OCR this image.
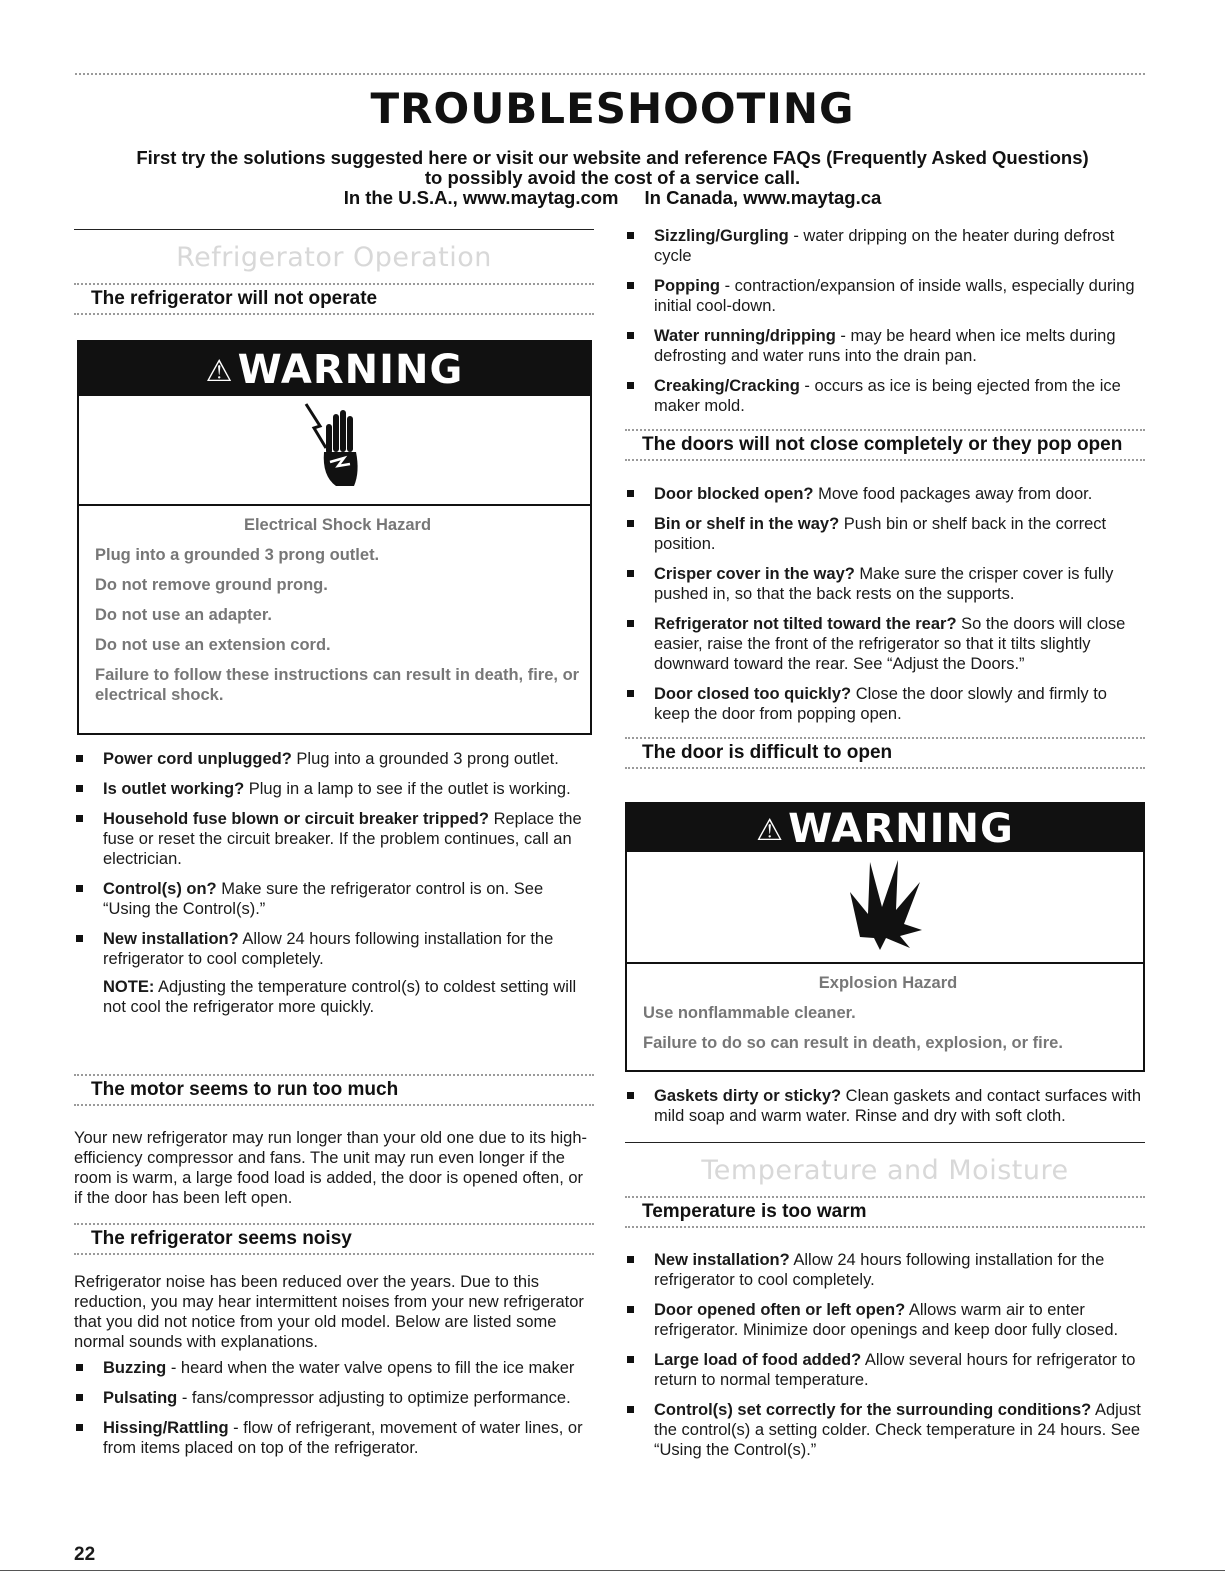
TROUBLESHOOTING
First try the solutions suggested here or visit our website and reference FAQs (Frequently Asked Questions)
to possibly avoid the cost of a service call.
In the U.S.A., www.maytag.com In Canada, www.maytag.ca
Refrigerator Operation
The refrigerator will not operate
⚠ WARNING
Electrical Shock Hazard

Plug into a grounded 3 prong outlet.

Do not remove ground prong.

Do not use an adapter.

Do not use an extension cord.

Failure to follow these instructions can result in death, fire, or electrical shock.

Power cord unplugged? Plug into a grounded 3 prong outlet.
Is outlet working? Plug in a lamp to see if the outlet is working.
Household fuse blown or circuit breaker tripped? Replace the fuse or reset the circuit breaker. If the problem continues, call an electrician.
Control(s) on? Make sure the refrigerator control is on. See “Using the Control(s).”
New installation? Allow 24 hours following installation for the refrigerator to cool completely.
NOTE: Adjusting the temperature control(s) to coldest setting will not cool the refrigerator more quickly.
The motor seems to run too much

Your new refrigerator may run longer than your old one due to its high-efficiency compressor and fans. The unit may run even longer if the room is warm, a large food load is added, the door is opened often, or if the door has been left open.

The refrigerator seems noisy

Refrigerator noise has been reduced over the years. Due to this reduction, you may hear intermittent noises from your new refrigerator that you did not notice from your old model. Below are listed some normal sounds with explanations.

Buzzing - heard when the water valve opens to fill the ice maker
Pulsating - fans/compressor adjusting to optimize performance.
Hissing/Rattling - flow of refrigerant, movement of water lines, or from items placed on top of the refrigerator.
Sizzling/Gurgling - water dripping on the heater during defrost cycle
Popping - contraction/expansion of inside walls, especially during initial cool-down.
Water running/dripping - may be heard when ice melts during defrosting and water runs into the drain pan.
Creaking/Cracking - occurs as ice is being ejected from the ice maker mold.
The doors will not close completely or they pop open
Door blocked open? Move food packages away from door.
Bin or shelf in the way? Push bin or shelf back in the correct position.
Crisper cover in the way? Make sure the crisper cover is fully pushed in, so that the back rests on the supports.
Refrigerator not tilted toward the rear? So the doors will close easier, raise the front of the refrigerator so that it tilts slightly downward toward the rear. See “Adjust the Doors.”
Door closed too quickly? Close the door slowly and firmly to keep the door from popping open.
The door is difficult to open
⚠ WARNING
Explosion Hazard

Use nonflammable cleaner.

Failure to do so can result in death, explosion, or fire.

Gaskets dirty or sticky? Clean gaskets and contact surfaces with mild soap and warm water. Rinse and dry with soft cloth.
Temperature and Moisture
Temperature is too warm
New installation? Allow 24 hours following installation for the refrigerator to cool completely.
Door opened often or left open? Allows warm air to enter refrigerator. Minimize door openings and keep door fully closed.
Large load of food added? Allow several hours for refrigerator to return to normal temperature.
Control(s) set correctly for the surrounding conditions? Adjust the control(s) a setting colder. Check temperature in 24 hours. See “Using the Control(s).”
22
